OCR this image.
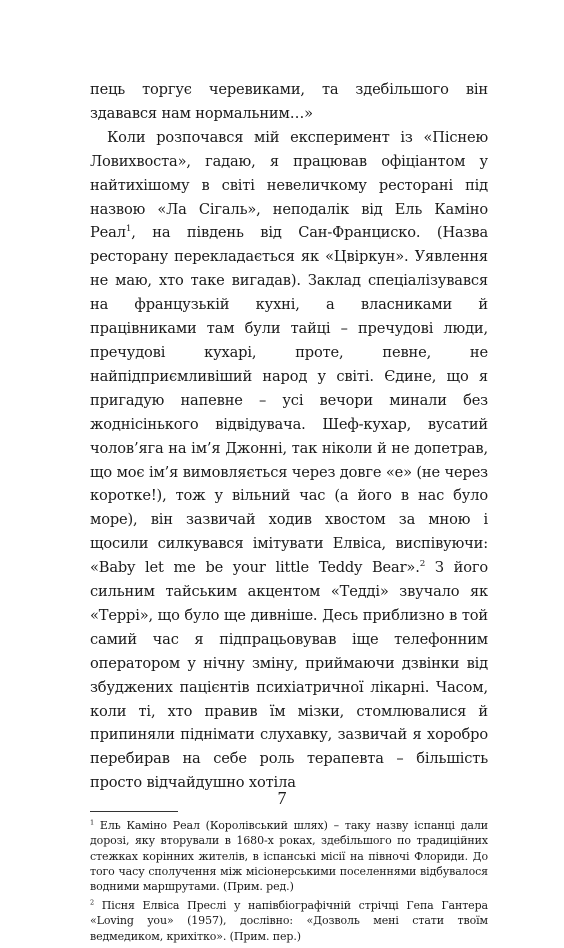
пець торгує черевиками, та здебільшого він здавався нам нормальним…»

Коли розпочався мій експеримент із «Піснею Ловихвоста», гадаю, я працював офіціантом у найтихішому в світі невеличкому ресторані під назвою «Ла Сігаль», неподалік від Ель Каміно Реал$^1$, на південь від Сан-Франциско. (Назва ресторану перекладається як «Цвіркун». Уявлення не маю, хто таке вигадав). Заклад спеціалізувався на французькій кухні, а власниками й працівниками там були тайці – пречудові люди, пречудові кухарі, проте, певне, не найпідприємливіший народ у світі. Єдине, що я пригадую напевне – усі вечори минали без жоднісінького відвідувача. Шеф-кухар, вусатий чолов’яга на ім’я Джонні, так ніколи й не допетрав, що моє ім’я вимовляється через довге «е» (не через коротке!), тож у вільний час (а його в нас було море), він зазвичай ходив хвостом за мною і щосили силкувався імітувати Елвіса, виспівуючи: «Baby let me be your little Teddy Bear».$^2$ З його сильним тайським акцентом «Тедді» звучало як «Террі», що було ще дивніше. Десь приблизно в той самий час я підпрацьовував іще телефонним оператором у нічну зміну, приймаючи дзвінки від збуджених пацієнтів психіатричної лікарні. Часом, коли ті, хто правив їм мізки, стомлювалися й припиняли піднімати слухавку, зазвичай я хоробро перебирав на себе роль терапевта – більшість просто відчайдушно хотіла

$^1$ Ель Каміно Реал (Королівський шлях) – таку назву іспанці дали дорозі, яку вторували в 1680-х роках, здебільшого по традиційних стежках корінних жителів, в іспанські місії на півночі Флориди. До того часу сполучення між місіонерськими поселеннями відбувалося водними маршрутами. (Прим. ред.)

$^2$ Пісня Елвіса Преслі у напівбіографічній стрічці Гепа Гантера «Loving you» (1957), дослівно: «Дозволь мені стати твоїм ведмедиком, крихітко». (Прим. пер.)

7
